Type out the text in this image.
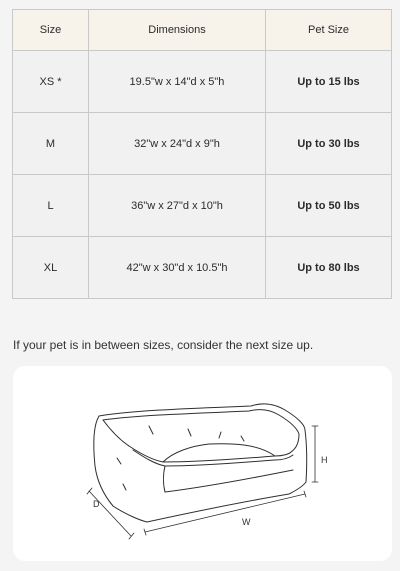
Size	Dimensions	Pet Size
XS *	19.5"w x 14"d x 5"h	Up to 15 lbs
M	32"w x 24"d x 9"h	Up to 30 lbs
L	36"w x 27"d x 10"h	Up to 50 lbs
XL	42"w x 30"d x 10.5"h	Up to 80 lbs

If your pet is in between sizes, consider the next size up.

H
D
W
